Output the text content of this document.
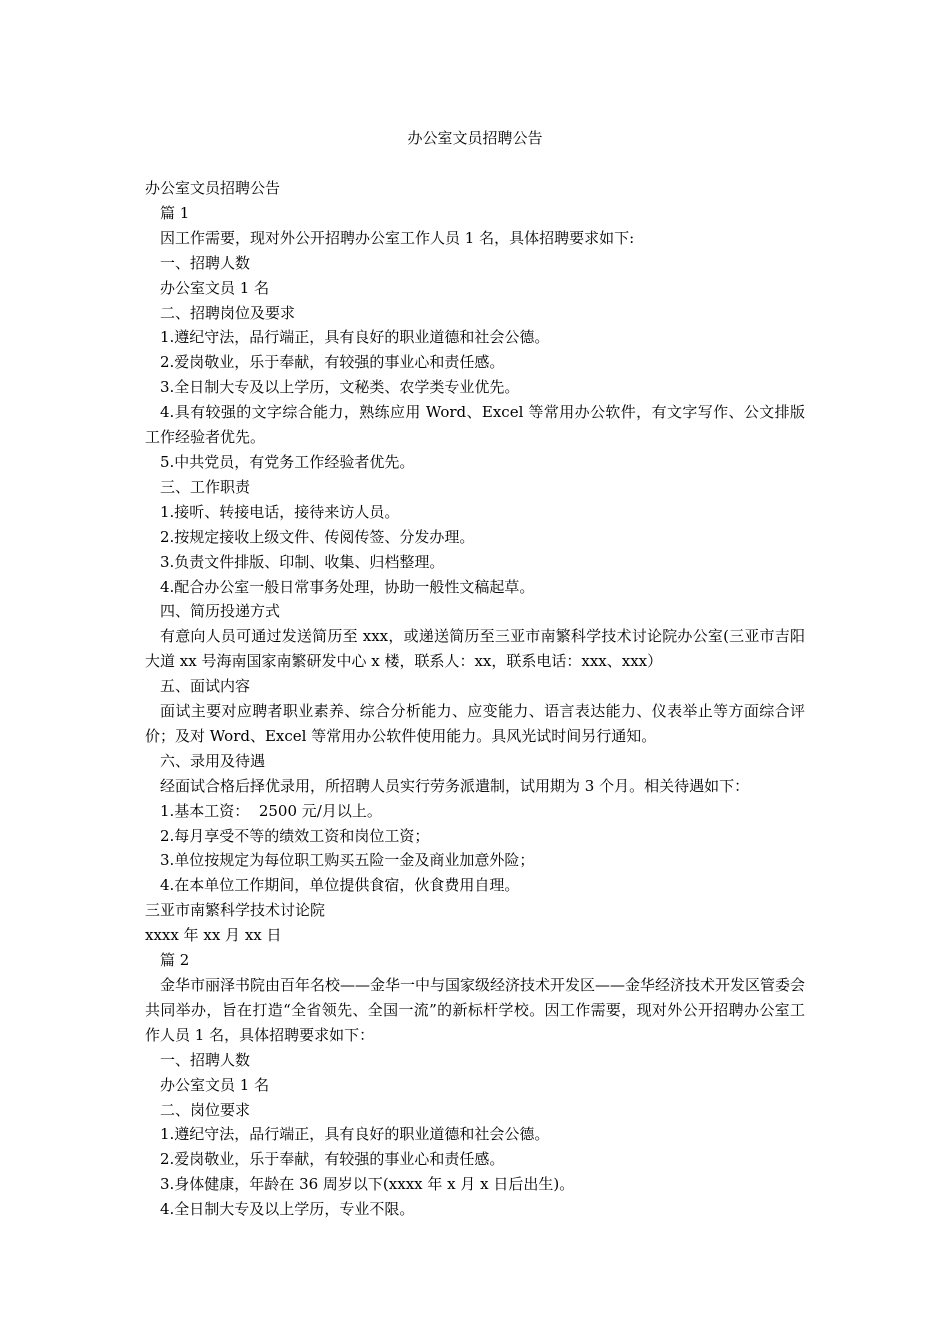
办公室文员招聘公告

办公室文员招聘公告

篇 1

因工作需要，现对外公开招聘办公室工作人员 1 名，具体招聘要求如下:

一、招聘人数

办公室文员 1 名

二、招聘岗位及要求

1.遵纪守法，品行端正，具有良好的职业道德和社会公德。

2.爱岗敬业，乐于奉献，有较强的事业心和责任感。

3.全日制大专及以上学历，文秘类、农学类专业优先。

4.具有较强的文字综合能力，熟练应用 Word、Excel 等常用办公软件，有文字写作、公文排版工作经验者优先。

5.中共党员，有党务工作经验者优先。

三、工作职责

1.接听、转接电话，接待来访人员。

2.按规定接收上级文件、传阅传签、分发办理。

3.负责文件排版、印制、收集、归档整理。

4.配合办公室一般日常事务处理，协助一般性文稿起草。

四、简历投递方式

有意向人员可通过发送简历至 xxx，或递送简历至三亚市南繁科学技术讨论院办公室(三亚市吉阳大道 xx 号海南国家南繁研发中心 x 楼，联系人：xx，联系电话：xxx、xxx）

五、面试内容

面试主要对应聘者职业素养、综合分析能力、应变能力、语言表达能力、仪表举止等方面综合评价；及对 Word、Excel 等常用办公软件使用能力。具风光试时间另行通知。

六、录用及待遇

经面试合格后择优录用，所招聘人员实行劳务派遣制，试用期为 3 个月。相关待遇如下：

1.基本工资：  2500 元/月以上。

2.每月享受不等的绩效工资和岗位工资；

3.单位按规定为每位职工购买五险一金及商业加意外险；

4.在本单位工作期间，单位提供食宿，伙食费用自理。

三亚市南繁科学技术讨论院

xxxx 年 xx 月 xx 日

篇 2

金华市丽泽书院由百年名校——金华一中与国家级经济技术开发区——金华经济技术开发区管委会共同举办，旨在打造“全省领先、全国一流”的新标杆学校。因工作需要，现对外公开招聘办公室工作人员 1 名，具体招聘要求如下：

一、招聘人数

办公室文员 1 名

二、岗位要求

1.遵纪守法，品行端正，具有良好的职业道德和社会公德。

2.爱岗敬业，乐于奉献，有较强的事业心和责任感。

3.身体健康，年龄在 36 周岁以下(xxxx 年 x 月 x 日后出生)。

4.全日制大专及以上学历，专业不限。
